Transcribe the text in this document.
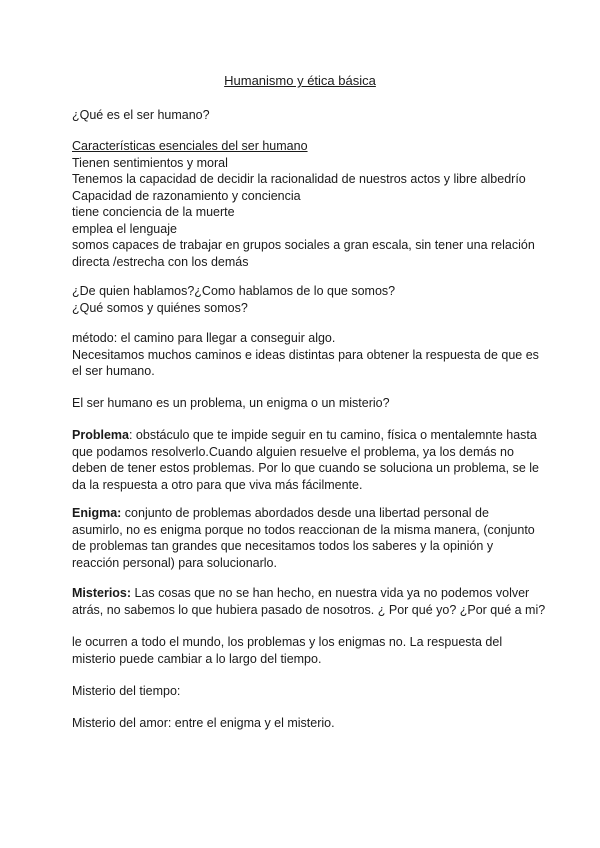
Humanismo y ética básica
¿Qué es el ser humano?
Características esenciales del ser humano
Tienen sentimientos y moral
Tenemos la capacidad de decidir la racionalidad de nuestros actos y libre albedrío
Capacidad de razonamiento y conciencia
tiene conciencia de la muerte
emplea el lenguaje
somos capaces de trabajar en grupos sociales a gran escala, sin tener una relación
directa /estrecha con los demás
¿De quien hablamos?¿Como hablamos de lo que somos?
¿Qué somos y quiénes somos?
método: el camino para llegar a conseguir algo.
Necesitamos muchos caminos e ideas distintas para obtener la respuesta de que es
el ser humano.
El ser humano es un problema, un enigma o un misterio?
Problema: obstáculo que te impide seguir en tu camino, física o mentalemnte hasta
que podamos resolverlo.Cuando alguien resuelve el problema, ya los demás no
deben de tener estos problemas. Por lo que cuando se soluciona un problema, se le
da la respuesta a otro para que viva más fácilmente.
Enigma: conjunto de problemas abordados desde una libertad personal de
asumirlo, no es enigma porque no todos reaccionan de la misma manera, (conjunto
de problemas tan grandes que necesitamos todos los saberes y la opinión y
reacción personal) para solucionarlo.
Misterios: Las cosas que no se han hecho, en nuestra vida ya no podemos volver
atrás, no sabemos lo que hubiera pasado de nosotros. ¿ Por qué yo? ¿Por qué a mi?
le ocurren a todo el mundo, los problemas y los enigmas no. La respuesta del
misterio puede cambiar a lo largo del tiempo.
Misterio del tiempo:
Misterio del amor: entre el enigma y el misterio.
